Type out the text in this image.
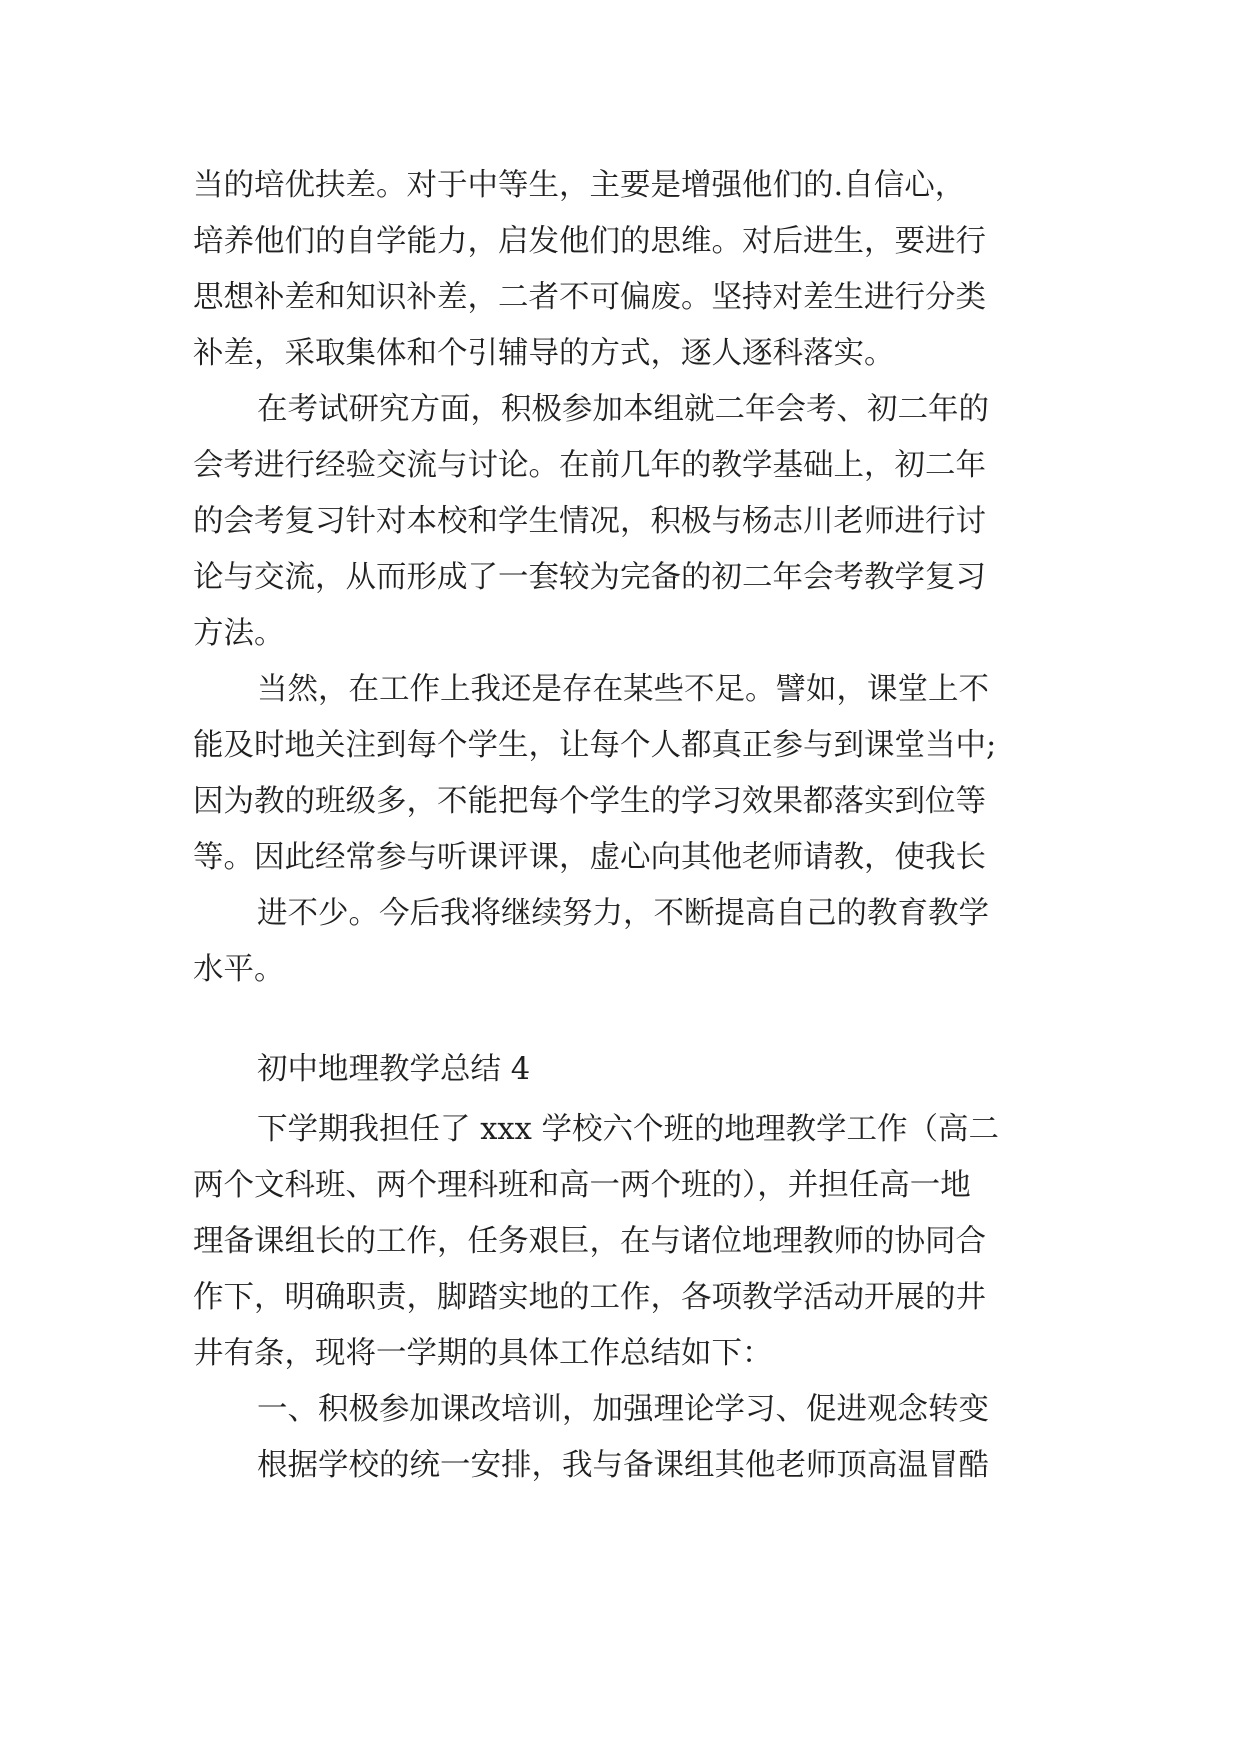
当的培优扶差。对于中等生，主要是增强他们的.自信心，
培养他们的自学能力，启发他们的思维。对后进生，要进行
思想补差和知识补差，二者不可偏废。坚持对差生进行分类
补差，采取集体和个引辅导的方式，逐人逐科落实。
在考试研究方面，积极参加本组就二年会考、初二年的
会考进行经验交流与讨论。在前几年的教学基础上，初二年
的会考复习针对本校和学生情况，积极与杨志川老师进行讨
论与交流，从而形成了一套较为完备的初二年会考教学复习
方法。
当然，在工作上我还是存在某些不足。譬如，课堂上不
能及时地关注到每个学生，让每个人都真正参与到课堂当中;
因为教的班级多，不能把每个学生的学习效果都落实到位等
等。因此经常参与听课评课，虚心向其他老师请教，使我长
进不少。今后我将继续努力，不断提高自己的教育教学
水平。
初中地理教学总结 4
下学期我担任了 xxx 学校六个班的地理教学工作（高二
两个文科班、两个理科班和高一两个班的），并担任高一地
理备课组长的工作，任务艰巨，在与诸位地理教师的协同合
作下，明确职责，脚踏实地的工作，各项教学活动开展的井
井有条，现将一学期的具体工作总结如下：
一、积极参加课改培训，加强理论学习、促进观念转变
根据学校的统一安排，我与备课组其他老师顶高温冒酷
